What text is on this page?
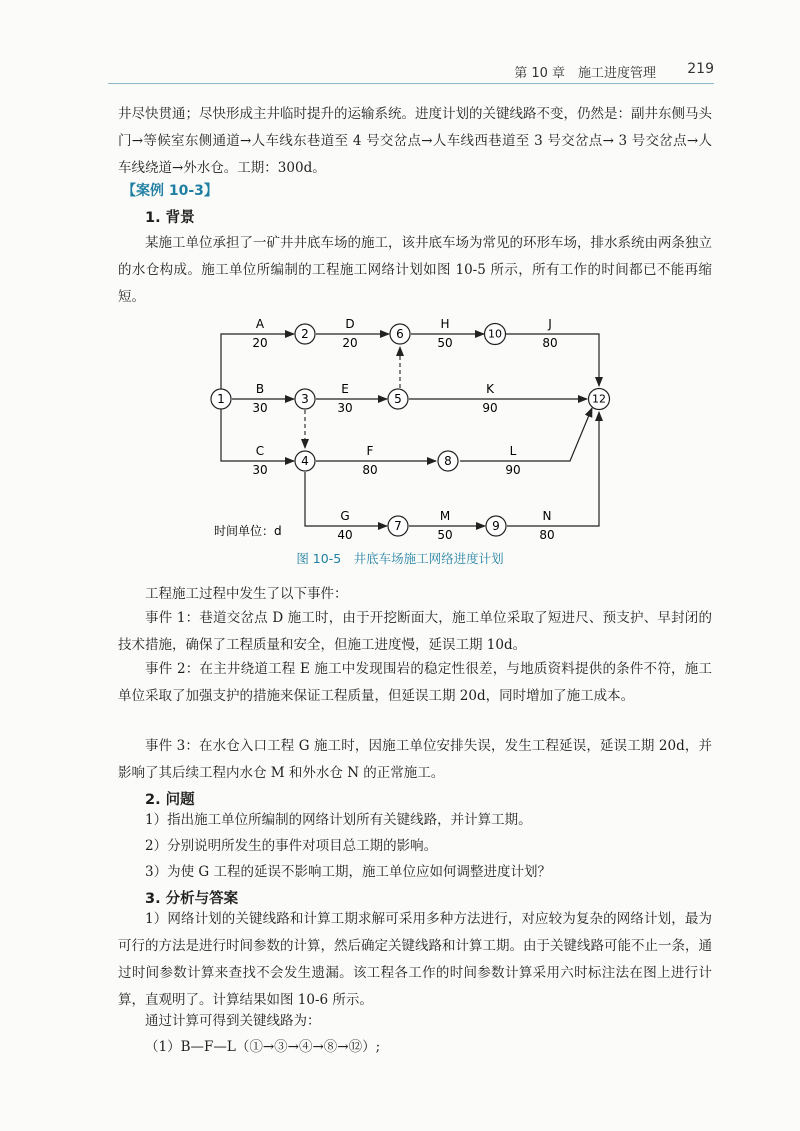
第 10 章　施工进度管理 219
井尽快贯通；尽快形成主井临时提升的运输系统。进度计划的关键线路不变，仍然是：副井东侧马头门→等候室东侧通道→人车线东巷道至 4 号交岔点→人车线西巷道至 3 号交岔点→ 3 号交岔点→人车线绕道→外水仓。工期：300d。
【案例 10-3】
1. 背景
某施工单位承担了一矿井井底车场的施工，该井底车场为常见的环形车场，排水系统由两条独立的水仓构成。施工单位所编制的工程施工网络计划如图 10-5 所示，所有工作的时间都已不能再缩短。
A
20
D
20
H
50
J
80
B
30
E
30
K
90
C
30
F
80
L
90
G
40
M
50
N
80
时间单位：d
1
2
3
4
5
6
7
8
9
10
12
图 10-5　井底车场施工网络进度计划
工程施工过程中发生了以下事件：
事件 1：巷道交岔点 D 施工时，由于开挖断面大，施工单位采取了短进尺、预支护、早封闭的技术措施，确保了工程质量和安全，但施工进度慢，延误工期 10d。
事件 2：在主井绕道工程 E 施工中发现围岩的稳定性很差，与地质资料提供的条件不符，施工单位采取了加强支护的措施来保证工程质量，但延误工期 20d，同时增加了施工成本。
事件 3：在水仓入口工程 G 施工时，因施工单位安排失误，发生工程延误，延误工期 20d，并影响了其后续工程内水仓 M 和外水仓 N 的正常施工。
2. 问题
1）指出施工单位所编制的网络计划所有关键线路，并计算工期。
2）分别说明所发生的事件对项目总工期的影响。
3）为使 G 工程的延误不影响工期，施工单位应如何调整进度计划？
3. 分析与答案
1）网络计划的关键线路和计算工期求解可采用多种方法进行，对应较为复杂的网络计划，最为可行的方法是进行时间参数的计算，然后确定关键线路和计算工期。由于关键线路可能不止一条，通过时间参数计算来查找不会发生遗漏。该工程各工作的时间参数计算采用六时标注法在图上进行计算，直观明了。计算结果如图 10-6 所示。
通过计算可得到关键线路为：
（1）B—F—L（①→③→④→⑧→⑫）;
